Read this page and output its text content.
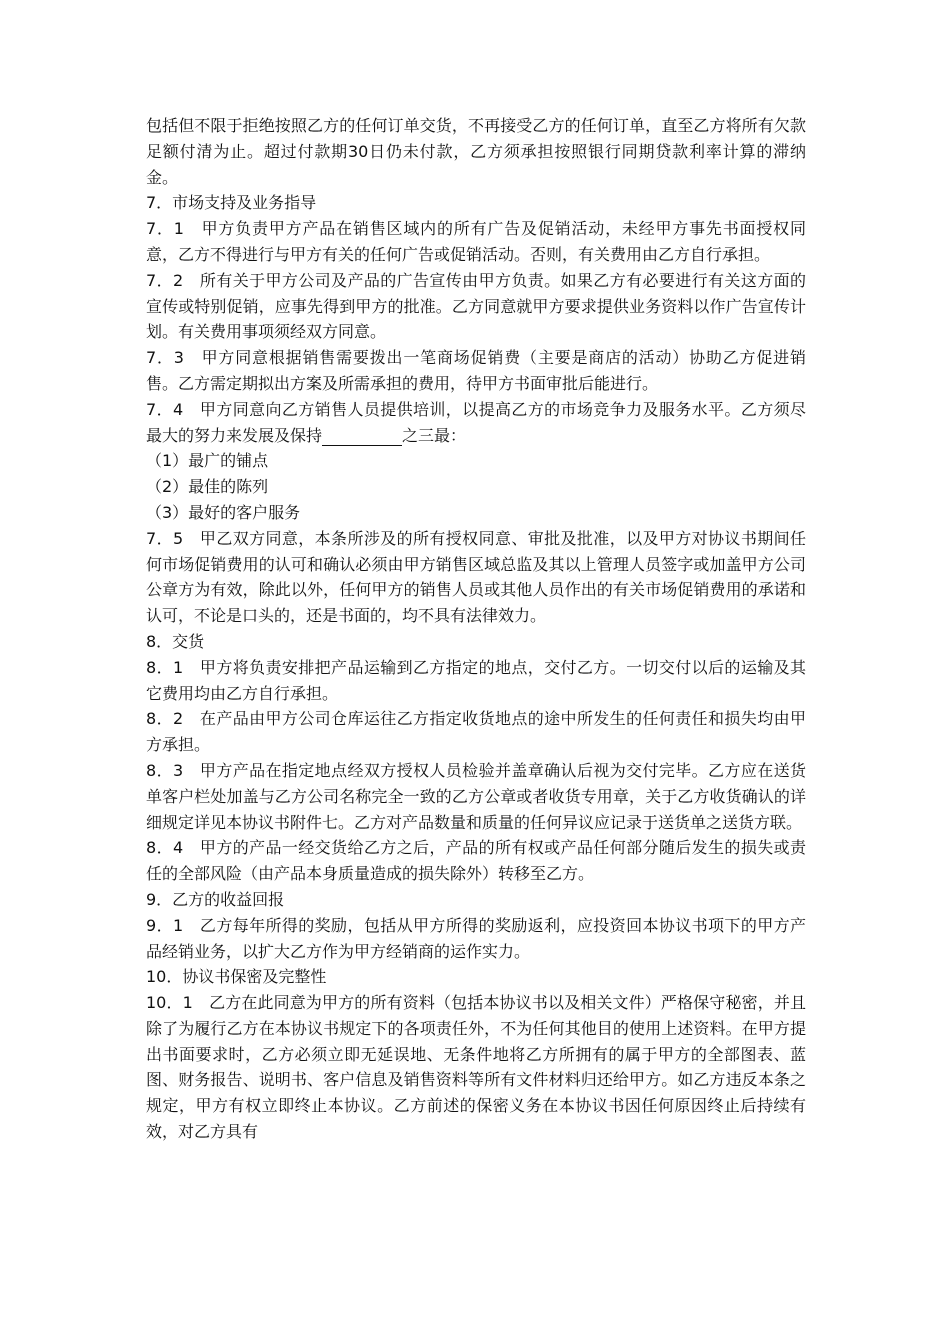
包括但不限于拒绝按照乙方的任何订单交货，不再接受乙方的任何订单，直至乙方将所有欠款足额付清为止。超过付款期30日仍未付款，乙方须承担按照银行同期贷款利率计算的滞纳金。

7．市场支持及业务指导

7．1　甲方负责甲方产品在销售区域内的所有广告及促销活动，未经甲方事先书面授权同意，乙方不得进行与甲方有关的任何广告或促销活动。否则，有关费用由乙方自行承担。

7．2　所有关于甲方公司及产品的广告宣传由甲方负责。如果乙方有必要进行有关这方面的宣传或特别促销，应事先得到甲方的批准。乙方同意就甲方要求提供业务资料以作广告宣传计划。有关费用事项须经双方同意。

7．3　甲方同意根据销售需要拨出一笔商场促销费（主要是商店的活动）协助乙方促进销售。乙方需定期拟出方案及所需承担的费用，待甲方书面审批后能进行。

7．4　甲方同意向乙方销售人员提供培训，以提高乙方的市场竞争力及服务水平。乙方须尽最大的努力来发展及保持　　　　　	之三最：

（1）最广的铺点

（2）最佳的陈列

（3）最好的客户服务

7．5　甲乙双方同意，本条所涉及的所有授权同意、审批及批准，以及甲方对协议书期间任何市场促销费用的认可和确认必须由甲方销售区域总监及其以上管理人员签字或加盖甲方公司公章方为有效，除此以外，任何甲方的销售人员或其他人员作出的有关市场促销费用的承诺和认可，不论是口头的，还是书面的，均不具有法律效力。

8．交货

8．1　甲方将负责安排把产品运输到乙方指定的地点，交付乙方。一切交付以后的运输及其它费用均由乙方自行承担。

8．2　在产品由甲方公司仓库运往乙方指定收货地点的途中所发生的任何责任和损失均由甲方承担。

8．3　甲方产品在指定地点经双方授权人员检验并盖章确认后视为交付完毕。乙方应在送货单客户栏处加盖与乙方公司名称完全一致的乙方公章或者收货专用章，关于乙方收货确认的详细规定详见本协议书附件七。乙方对产品数量和质量的任何异议应记录于送货单之送货方联。

8．4　甲方的产品一经交货给乙方之后，产品的所有权或产品任何部分随后发生的损失或责任的全部风险（由产品本身质量造成的损失除外）转移至乙方。

9．乙方的收益回报

9．1　乙方每年所得的奖励，包括从甲方所得的奖励返利，应投资回本协议书项下的甲方产品经销业务，以扩大乙方作为甲方经销商的运作实力。

10．协议书保密及完整性

10．1　乙方在此同意为甲方的所有资料（包括本协议书以及相关文件）严格保守秘密，并且除了为履行乙方在本协议书规定下的各项责任外，不为任何其他目的使用上述资料。在甲方提出书面要求时，乙方必须立即无延误地、无条件地将乙方所拥有的属于甲方的全部图表、蓝图、财务报告、说明书、客户信息及销售资料等所有文件材料归还给甲方。如乙方违反本条之规定，甲方有权立即终止本协议。乙方前述的保密义务在本协议书因任何原因终止后持续有效，对乙方具有
